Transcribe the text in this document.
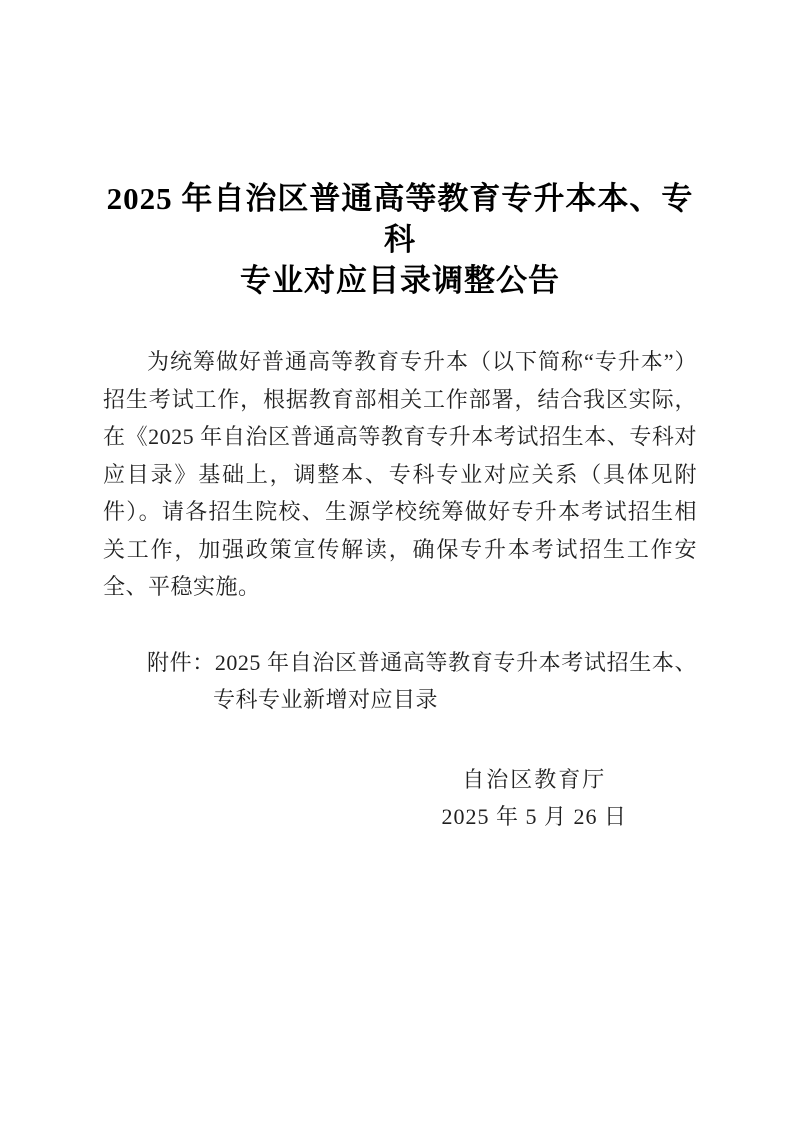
2025 年自治区普通高等教育专升本本、专科
专业对应目录调整公告

为统筹做好普通高等教育专升本（以下简称“专升本”）招生考试工作，根据教育部相关工作部署，结合我区实际，在《2025 年自治区普通高等教育专升本考试招生本、专科对应目录》基础上，调整本、专科专业对应关系（具体见附件）。请各招生院校、生源学校统筹做好专升本考试招生相关工作，加强政策宣传解读，确保专升本考试招生工作安全、平稳实施。

附件：2025 年自治区普通高等教育专升本考试招生本、专科专业新增对应目录

自治区教育厅
2025 年 5 月 26 日
